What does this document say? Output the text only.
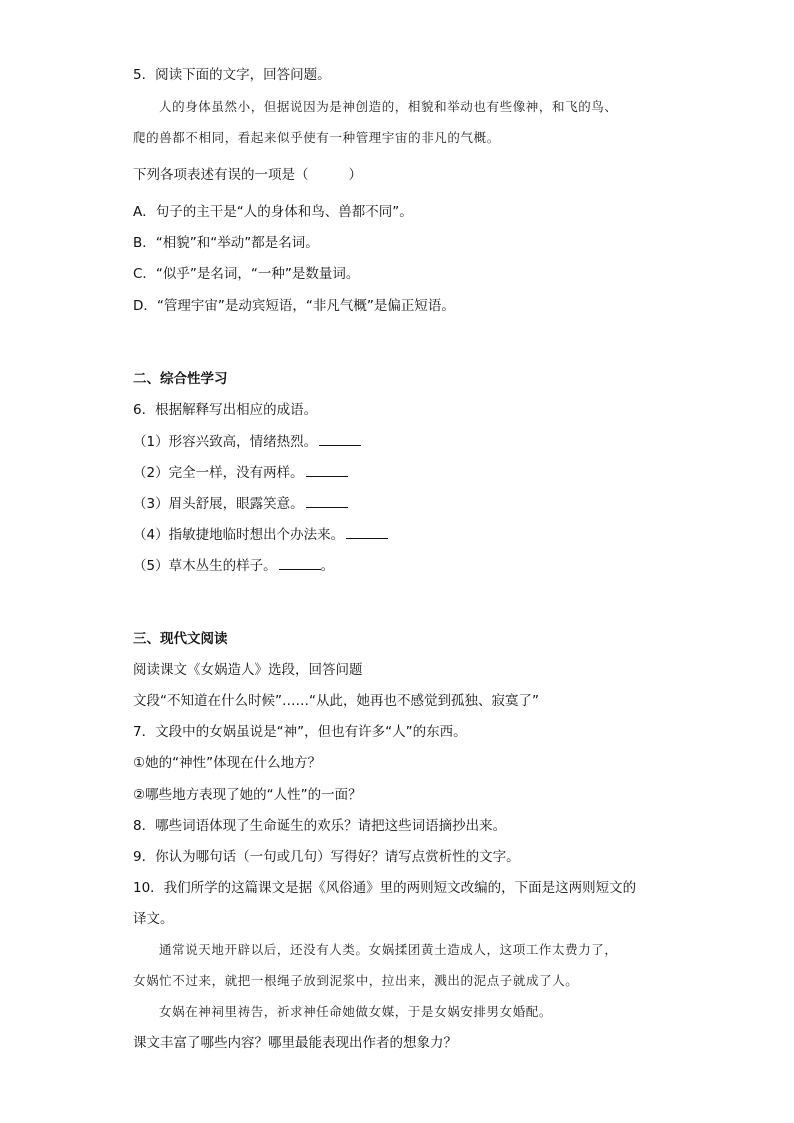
5．阅读下面的文字，回答问题。
人的身体虽然小，但据说因为是神创造的，相貌和举动也有些像神，和飞的鸟、
爬的兽都不相同，看起来似乎使有一种管理宇宙的非凡的气概。
下列各项表述有误的一项是（	）
A．句子的主干是“人的身体和鸟、兽都不同”。
B．“相貌”和“举动”都是名词。
C．“似乎”是名词，“一种”是数量词。
D．“管理宇宙”是动宾短语，“非凡气概”是偏正短语。
二、综合性学习
6．根据解释写出相应的成语。
（1）形容兴致高，情绪热烈。
（2）完全一样，没有两样。
（3）眉头舒展，眼露笑意。
（4）指敏捷地临时想出个办法来。
（5）草木丛生的样子。	。
三、现代文阅读
阅读课文《女娲造人》选段，回答问题
文段“不知道在什么时候”……“从此，她再也不感觉到孤独、寂寞了”
7．文段中的女娲虽说是“神”，但也有许多“人”的东西。
①她的“神性”体现在什么地方？
②哪些地方表现了她的“人性”的一面？
8．哪些词语体现了生命诞生的欢乐？请把这些词语摘抄出来。
9．你认为哪句话（一句或几句）写得好？请写点赏析性的文字。
10．我们所学的这篇课文是据《风俗通》里的两则短文改编的，下面是这两则短文的
译文。
通常说天地开辟以后，还没有人类。女娲揉团黄土造成人，这项工作太费力了，
女娲忙不过来，就把一根绳子放到泥浆中，拉出来，溅出的泥点子就成了人。
女娲在神祠里祷告，祈求神任命她做女媒，于是女娲安排男女婚配。
课文丰富了哪些内容？哪里最能表现出作者的想象力？
